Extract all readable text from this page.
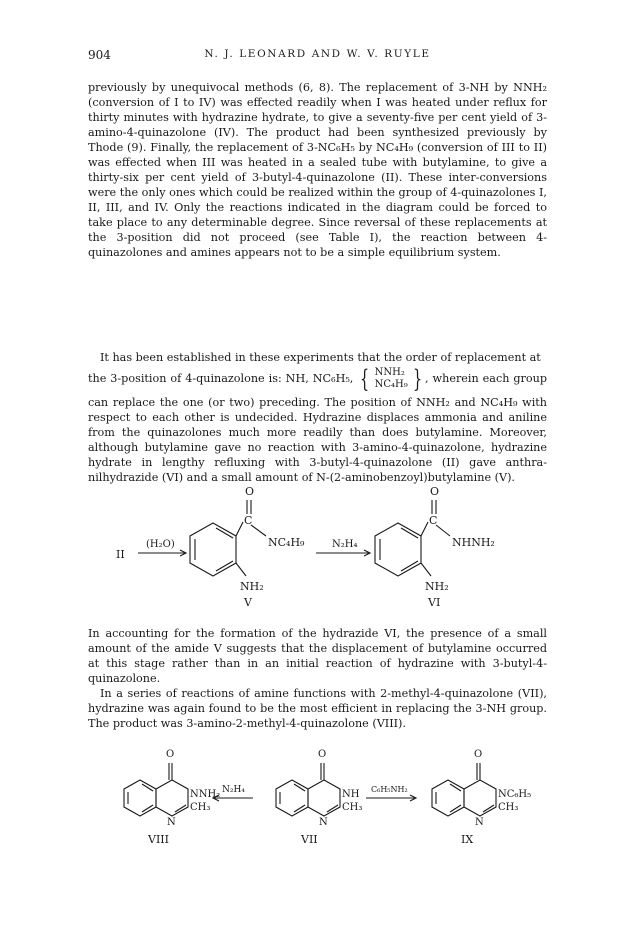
904	N. J. LEONARD AND W. V. RUYLE

previously by unequivocal methods (6, 8). The replacement of 3-NH by NNH₂ (conversion of I to IV) was effected readily when I was heated under reflux for thirty minutes with hydrazine hydrate, to give a seventy-five per cent yield of 3-amino-4-quinazolone (IV). The product had been synthesized previously by Thode (9). Finally, the replacement of 3-NC₆H₅ by NC₄H₉ (conversion of III to II) was effected when III was heated in a sealed tube with butylamine, to give a thirty-six per cent yield of 3-butyl-4-quinazolone (II). These inter-conversions were the only ones which could be realized within the group of 4-quinazolones I, II, III, and IV. Only the reactions indicated in the diagram could be forced to take place to any determinable degree. Since reversal of these replacements at the 3-position did not proceed (see Table I), the reaction between 4-quinazolones and amines appears not to be a simple equilibrium system.

It has been established in these experiments that the order of replacement at

the 3-position of 4-quinazolone is: NH, NC₆H₅, { NNH₂
NC₄H₉ } , wherein each group

can replace the one (or two) preceding. The position of NNH₂ and NC₄H₉ with respect to each other is undecided. Hydrazine displaces ammonia and aniline from the quinazolones much more readily than does butylamine. Moreover, although butylamine gave no reaction with 3-amino-4-quinazolone, hydrazine hydrate in lengthy refluxing with 3-butyl-4-quinazolone (II) gave anthra-nilhydrazide (VI) and a small amount of N-(2-aminobenzoyl)butylamine (V).

II
(H₂O)
O
C
NC₄H₉
NH₂
V
N₂H₄
O
C
NHNH₂
NH₂
VI

In accounting for the formation of the hydrazide VI, the presence of a small amount of the amide V suggests that the displacement of butylamine occurred at this stage rather than in an initial reaction of hydrazine with 3-butyl-4-quinazolone.

In a series of reactions of amine functions with 2-methyl-4-quinazolone (VII), hydrazine was again found to be the most efficient in replacing the 3-NH group. The product was 3-amino-2-methyl-4-quinazolone (VIII).

O
NNH₂
CH₃
N
VIII
N₂H₄
O
NH
CH₃
N
VII
C₆H₅NH₂
O
NC₆H₅
CH₃
N
IX
